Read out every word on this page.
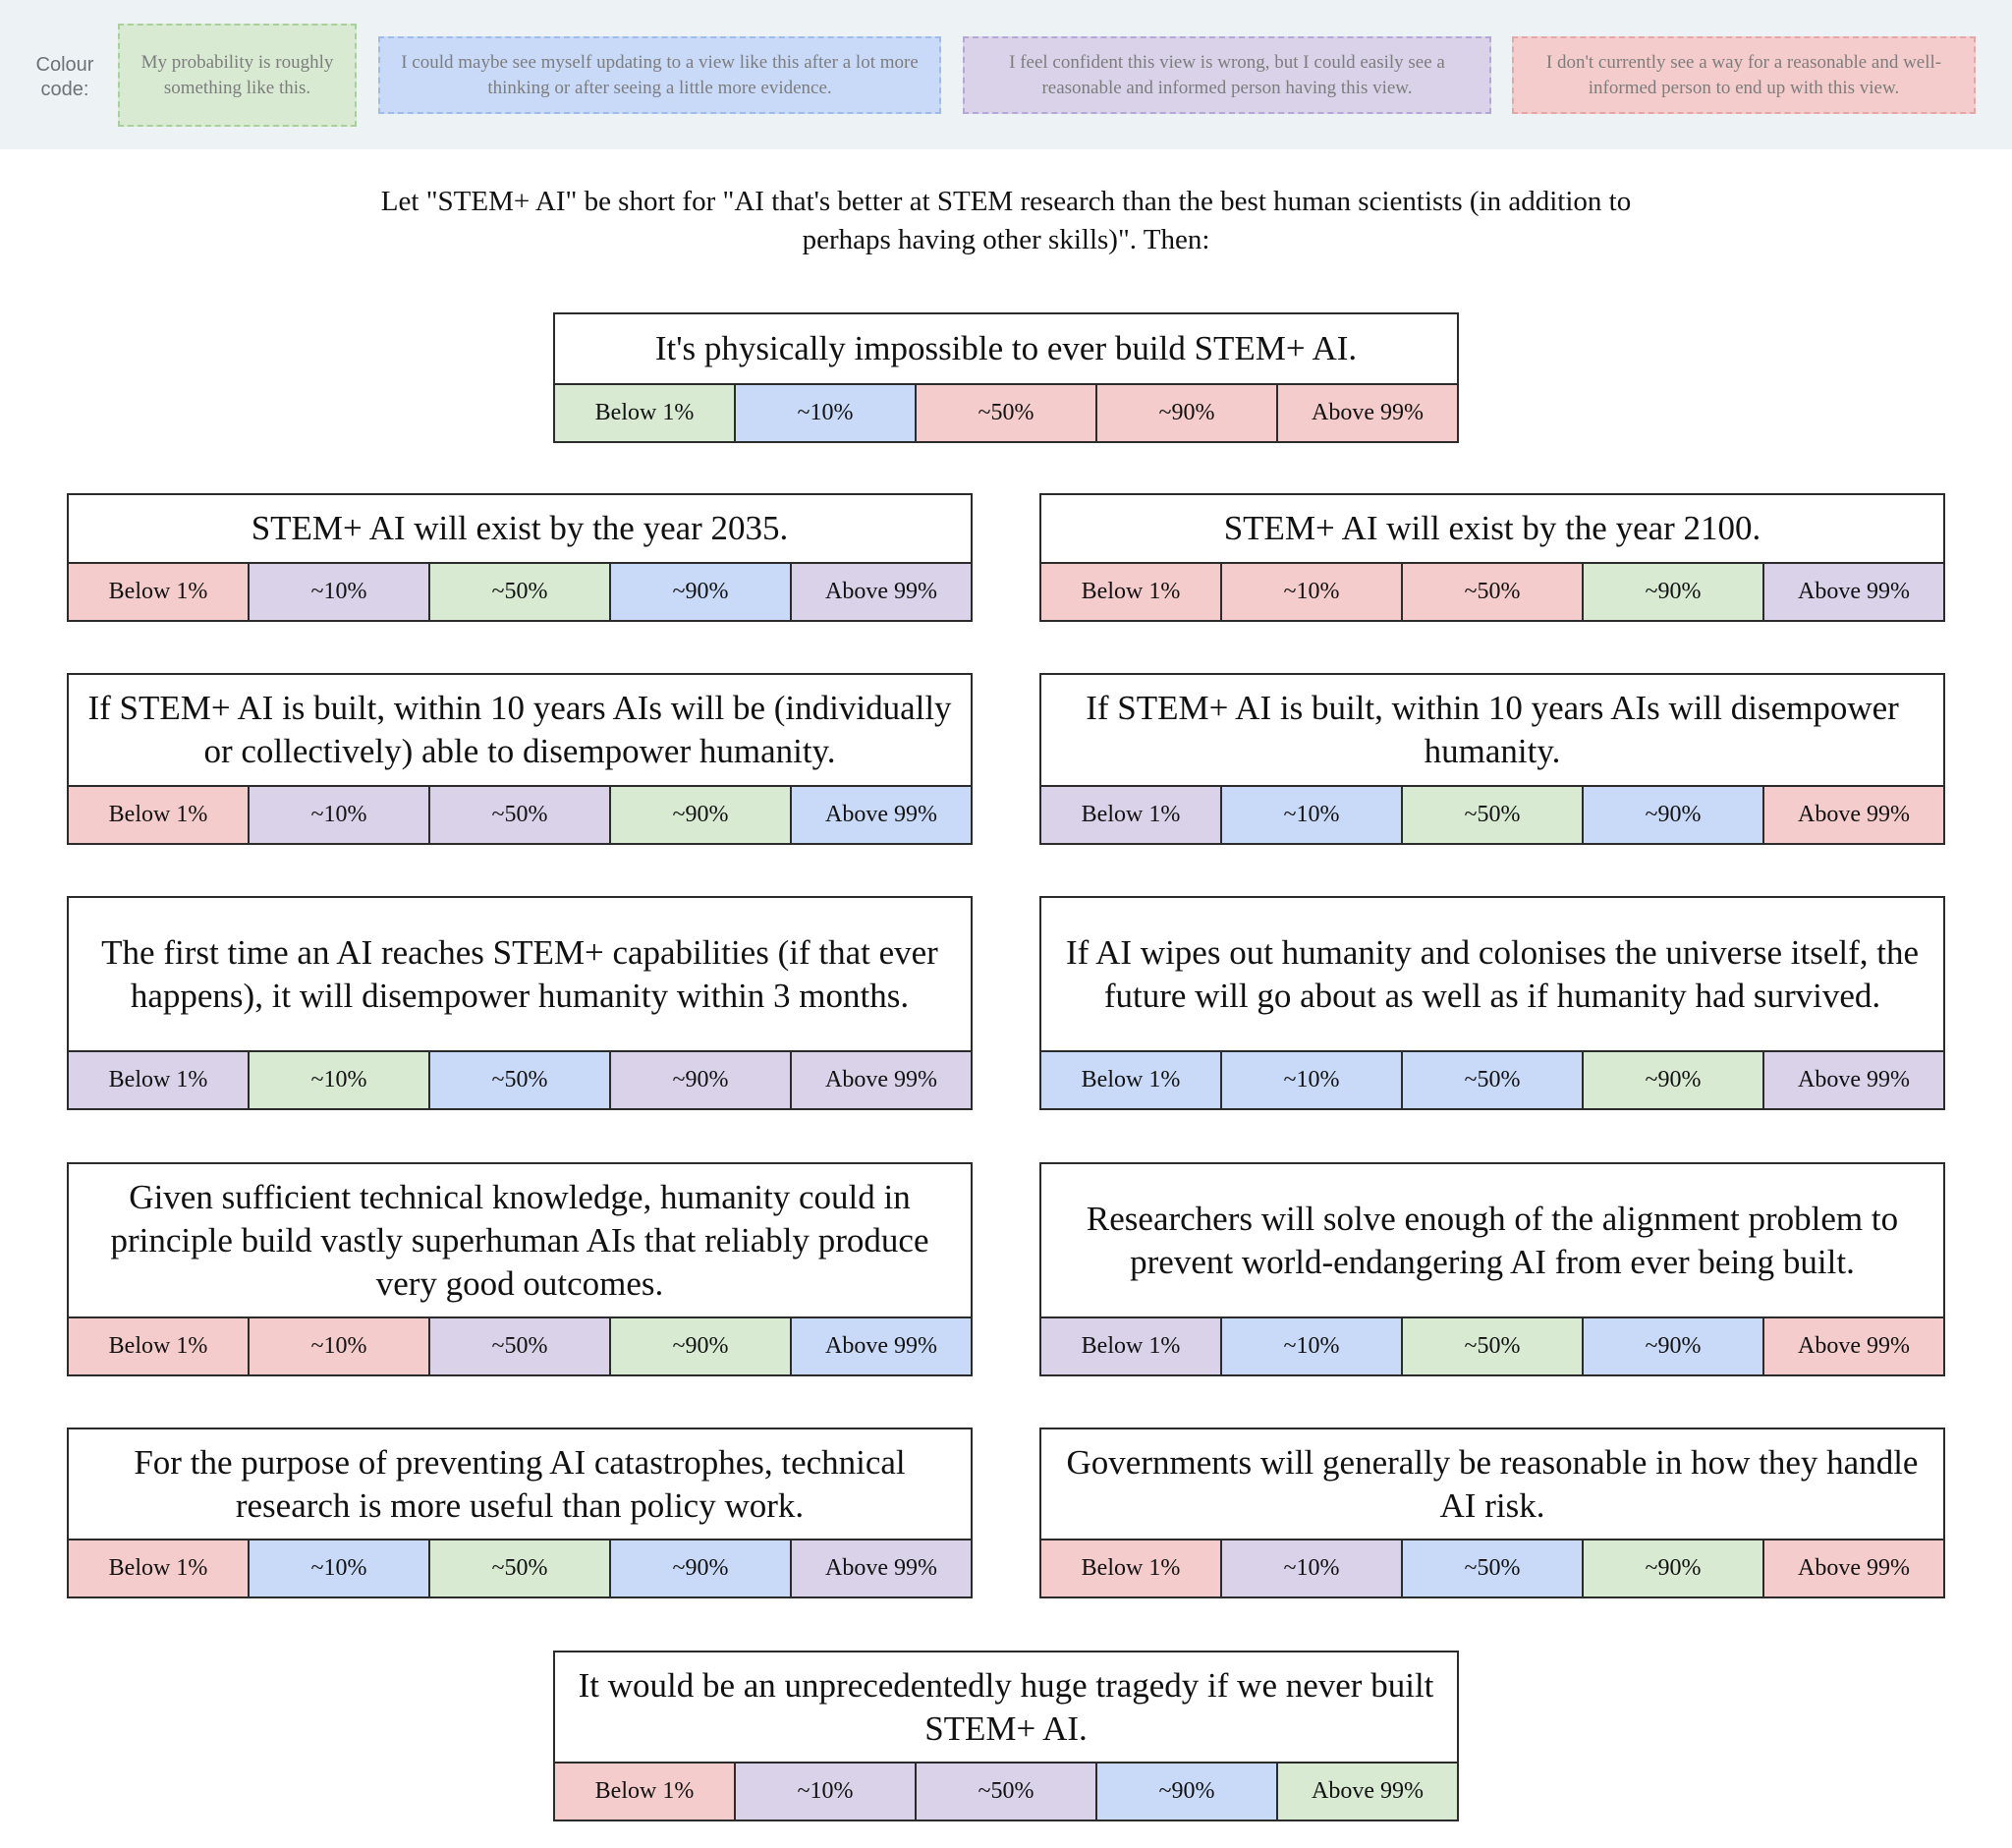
Colour code:
My probability is roughly something like this.
I could maybe see myself updating to a view like this after a lot more thinking or after seeing a little more evidence.
I feel confident this view is wrong, but I could easily see a reasonable and informed person having this view.
I don't currently see a way for a reasonable and well-informed person to end up with this view.
Let "STEM+ AI" be short for "AI that's better at STEM research than the best human scientists (in addition to perhaps having other skills)". Then:
It's physically impossible to ever build STEM+ AI.
Below 1%	~10%	~50%	~90%	Above 99%
STEM+ AI will exist by the year 2035.
Below 1%	~10%	~50%	~90%	Above 99%
STEM+ AI will exist by the year 2100.
Below 1%	~10%	~50%	~90%	Above 99%
If STEM+ AI is built, within 10 years AIs will be (individually or collectively) able to disempower humanity.
Below 1%	~10%	~50%	~90%	Above 99%
If STEM+ AI is built, within 10 years AIs will disempower humanity.
Below 1%	~10%	~50%	~90%	Above 99%
The first time an AI reaches STEM+ capabilities (if that ever happens), it will disempower humanity within 3 months.
Below 1%	~10%	~50%	~90%	Above 99%
If AI wipes out humanity and colonises the universe itself, the future will go about as well as if humanity had survived.
Below 1%	~10%	~50%	~90%	Above 99%
Given sufficient technical knowledge, humanity could in principle build vastly superhuman AIs that reliably produce very good outcomes.
Below 1%	~10%	~50%	~90%	Above 99%
Researchers will solve enough of the alignment problem to prevent world-endangering AI from ever being built.
Below 1%	~10%	~50%	~90%	Above 99%
For the purpose of preventing AI catastrophes, technical research is more useful than policy work.
Below 1%	~10%	~50%	~90%	Above 99%
Governments will generally be reasonable in how they handle AI risk.
Below 1%	~10%	~50%	~90%	Above 99%
It would be an unprecedentedly huge tragedy if we never built STEM+ AI.
Below 1%	~10%	~50%	~90%	Above 99%
